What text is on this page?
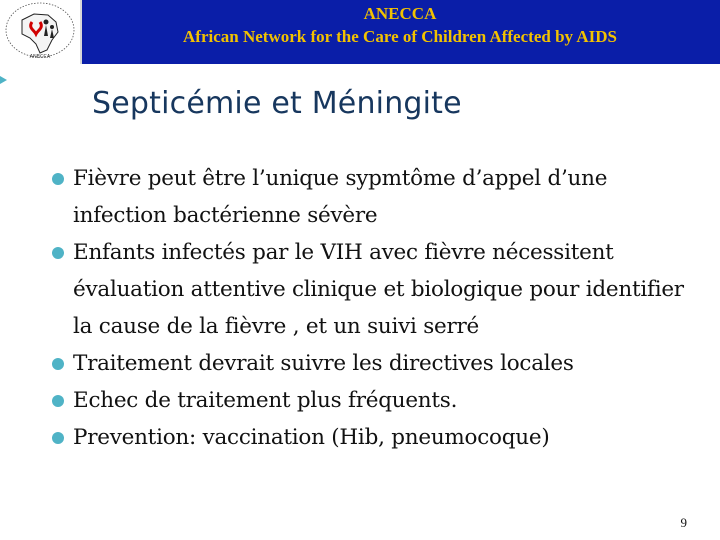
ANECCA
ANECCA
African Network for the Care of Children Affected by AIDS
Septicémie et Méningite
Fièvre peut être l’unique sypmtôme d’appel d’une infection bactérienne sévère
Enfants infectés par le VIH avec fièvre nécessitent évaluation attentive clinique et biologique pour identifier la cause de la fièvre , et un suivi serré
Traitement devrait suivre les directives locales
Echec de traitement plus fréquents.
Prevention: vaccination (Hib, pneumocoque)
9
